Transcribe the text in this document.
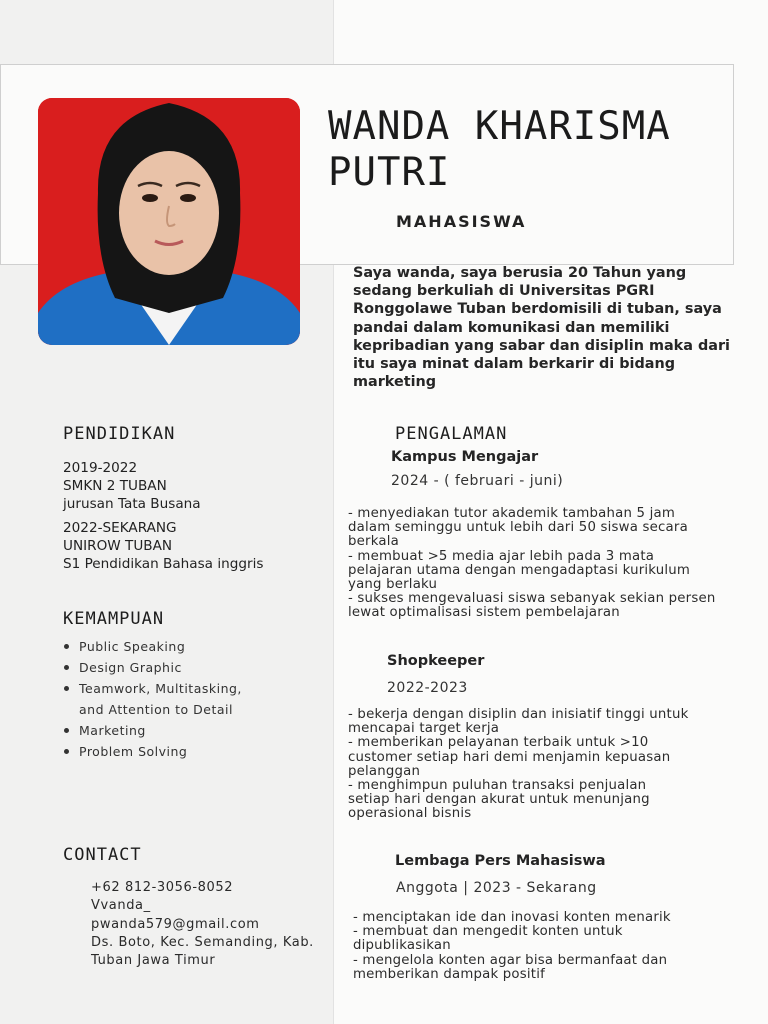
WANDA KHARISMA
PUTRI
MAHASISWA
Saya wanda, saya berusia 20 Tahun yang sedang berkuliah di Universitas PGRI Ronggolawe Tuban berdomisili di tuban, saya pandai dalam komunikasi dan memiliki kepribadian yang sabar dan disiplin maka dari itu saya minat dalam berkarir di bidang marketing
PENDIDIKAN
2019-2022
SMKN 2 TUBAN
jurusan Tata Busana
2022-SEKARANG
UNIROW TUBAN
S1 Pendidikan Bahasa inggris
KEMAMPUAN
Public Speaking
Design Graphic
Teamwork, Multitasking,
and Attention to Detail
Marketing
Problem Solving
CONTACT
+62 812-3056-8052
Vvanda_
pwanda579@gmail.com
Ds. Boto, Kec. Semanding, Kab.
Tuban Jawa Timur
PENGALAMAN
Kampus Mengajar
2024 - ( februari - juni)
- menyediakan tutor akademik tambahan 5 jam
dalam seminggu untuk lebih dari 50 siswa secara
berkala
- membuat >5 media ajar lebih pada 3 mata
pelajaran utama dengan mengadaptasi kurikulum
yang berlaku
- sukses mengevaluasi siswa sebanyak sekian persen
lewat optimalisasi sistem pembelajaran
Shopkeeper
2022-2023
- bekerja dengan disiplin dan inisiatif tinggi untuk
mencapai target kerja
- memberikan pelayanan terbaik untuk >10
customer setiap hari demi menjamin kepuasan
pelanggan
- menghimpun puluhan transaksi penjualan
setiap hari dengan akurat untuk menunjang
operasional bisnis
Lembaga Pers Mahasiswa
Anggota | 2023 - Sekarang
- menciptakan ide dan inovasi konten menarik
- membuat dan mengedit konten untuk
dipublikasikan
- mengelola konten agar bisa bermanfaat dan
memberikan dampak positif
